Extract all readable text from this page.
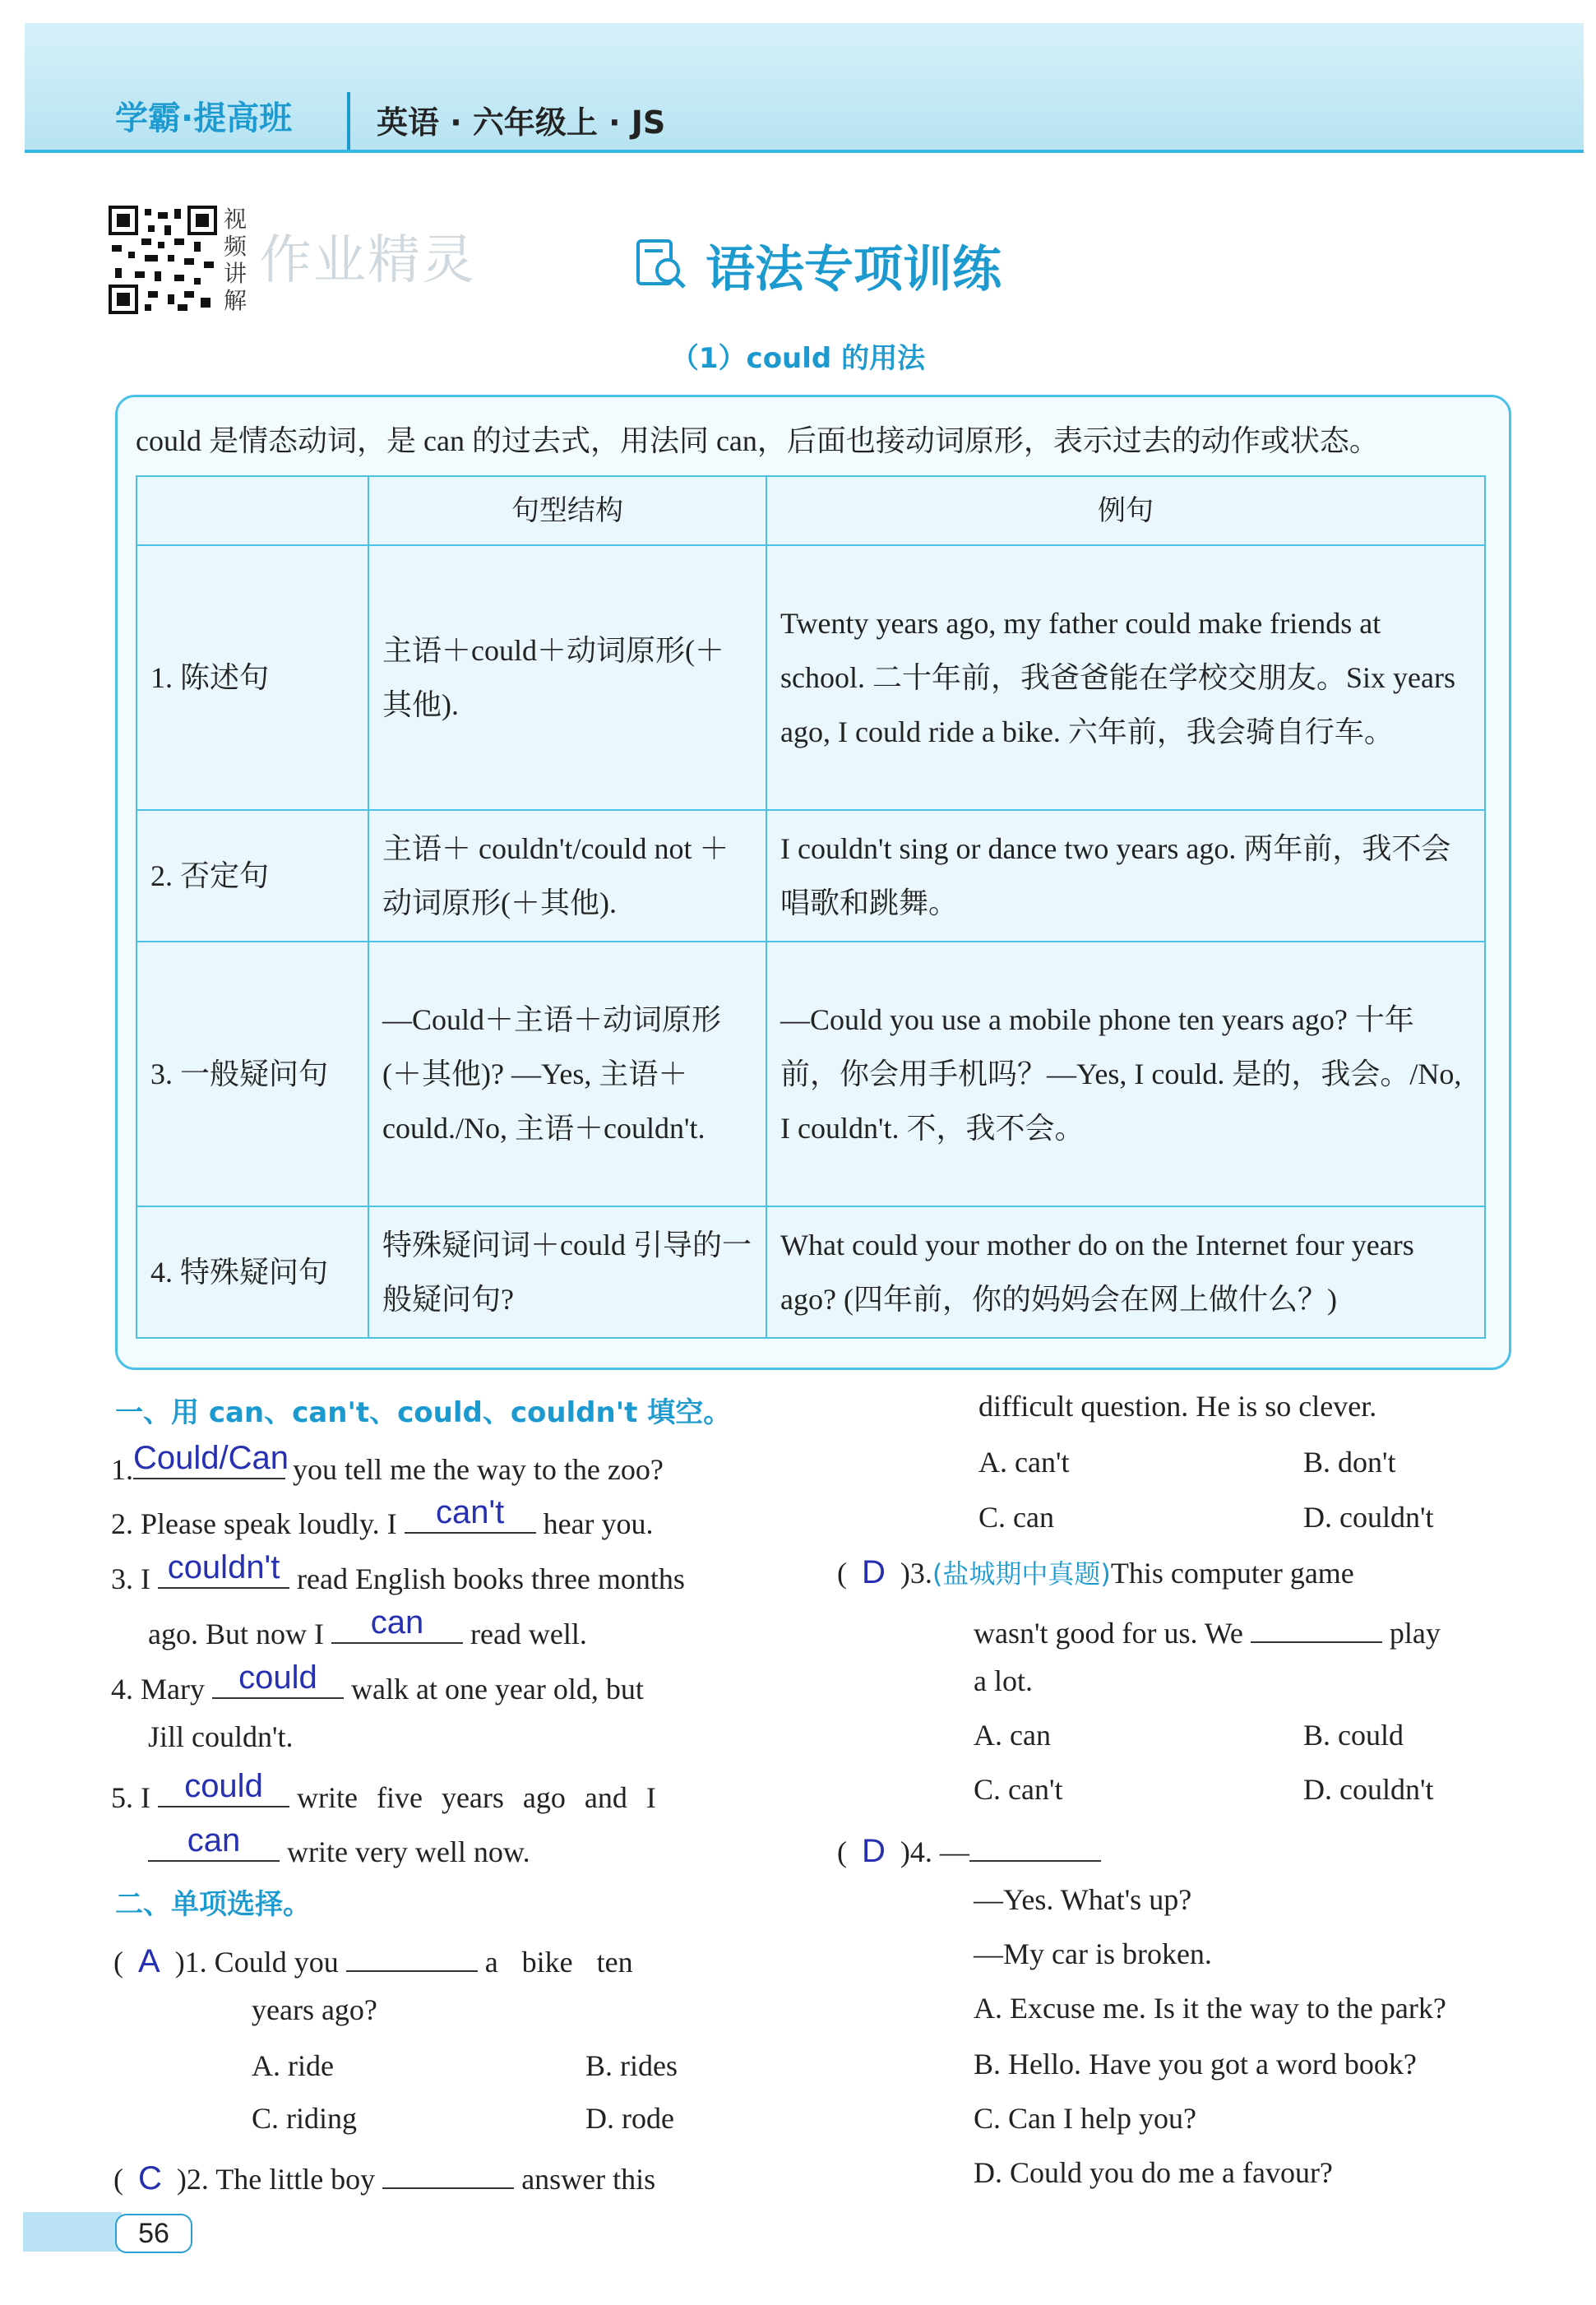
学霸·提高班	英语 · 六年级上 · JS
视频讲解
作业精灵	语法专项训练
（1）could 的用法
could 是情态动词，是 can 的过去式，用法同 can，后面也接动词原形，表示过去的动作或状态。
	句型结构	例句
1. 陈述句	主语＋could＋动词原形(＋其他).	Twenty years ago, my father could make friends at school. 二十年前，我爸爸能在学校交朋友。Six years ago, I could ride a bike. 六年前，我会骑自行车。
2. 否定句	主语＋ couldn't/could not ＋动词原形(＋其他).	I couldn't sing or dance two years ago. 两年前，我不会唱歌和跳舞。
3. 一般疑问句	—Could＋主语＋动词原形(＋其他)? —Yes, 主语＋could./No, 主语＋couldn't.	—Could you use a mobile phone ten years ago? 十年前，你会用手机吗？—Yes, I could. 是的，我会。/No, I couldn't. 不，我不会。
4. 特殊疑问句	特殊疑问词＋could 引导的一般疑问句?	What could your mother do on the Internet four years ago? (四年前，你的妈妈会在网上做什么？)
一、用 can、can't、could、couldn't 填空。
1. Could/Can you tell me the way to the zoo?
2. Please speak loudly. I	can't	hear you.
3. I couldn't read English books three months
ago. But now I	can	read well.
4. Mary	could	walk at one year old, but
Jill couldn't.
5. I	could	write five years ago and I
can	write very well now.
二、单项选择。
(  A )1. Could you	a bike ten
years ago?
A. ride	B. rides
C. riding	D. rode
(  C )2. The little boy	answer this
difficult question. He is so clever.
A. can't	B. don't
C. can	D. couldn't
(  D )3.(盐城期中真题)This computer game
wasn't good for us. We	play
a lot.
A. can	B. could
C. can't	D. couldn't
(  D )4. —
—Yes. What's up?
—My car is broken.
A. Excuse me. Is it the way to the park?
B. Hello. Have you got a word book?
C. Can I help you?
D. Could you do me a favour?
56
